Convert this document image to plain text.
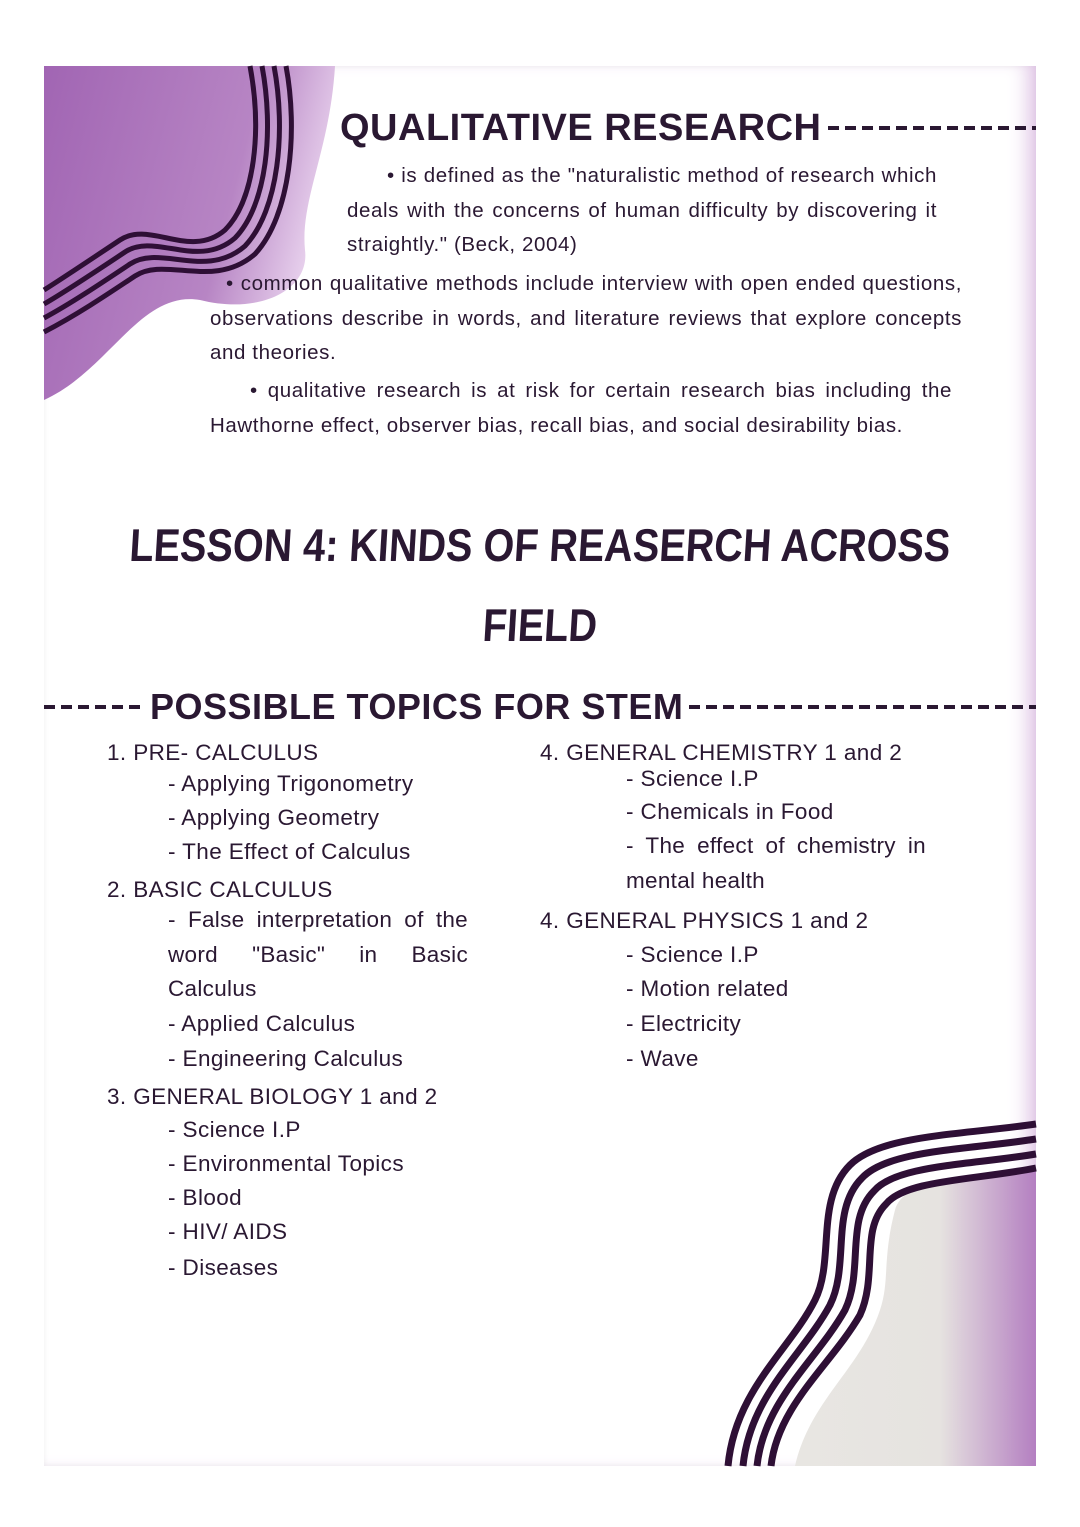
QUALITATIVE RESEARCH
• is defined as the "naturalistic method of research which deals with the concerns of human difficulty by discovering it straightly." (Beck, 2004)
• common qualitative methods include interview with open ended questions, observations describe in words, and literature reviews that explore concepts and theories.
• qualitative research is at risk for certain research bias including the Hawthorne effect, observer bias, recall bias, and social desirability bias.
LESSON 4: KINDS OF REASERCH ACROSS
FIELD
POSSIBLE TOPICS FOR STEM
1. PRE- CALCULUS
- Applying Trigonometry
- Applying Geometry
- The Effect of Calculus
2. BASIC CALCULUS
- False interpretation of the word "Basic" in Basic Calculus
- Applied Calculus
- Engineering Calculus
3. GENERAL BIOLOGY 1 and 2
- Science I.P
- Environmental Topics
- Blood
- HIV/ AIDS
- Diseases
4. GENERAL CHEMISTRY 1 and 2
- Science I.P
- Chemicals in Food
- The effect of chemistry in mental health
4. GENERAL PHYSICS 1 and 2
- Science I.P
- Motion related
- Electricity
- Wave
